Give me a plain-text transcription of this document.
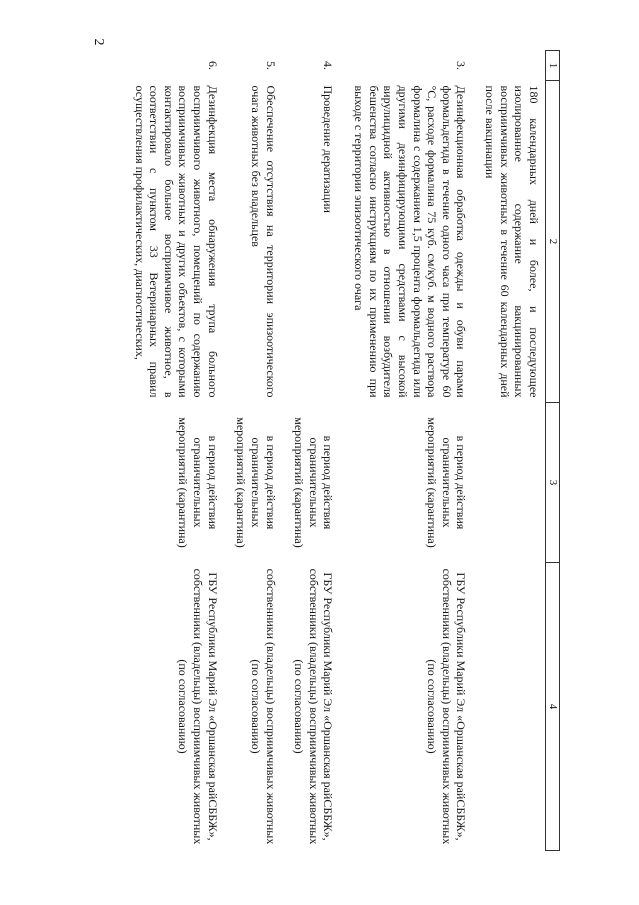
2
1	2	3	4
	180 календарных дней и более, и последующее изолированное содержание вакцинированных восприимчивых животных в течение 60 календарных дней после вакцинации		
3.	Дезинфекционная обработка одежды и обуви парами формальдегида в течение одного часа при температуре 60 °С, расходе формалина 75 куб. см/куб. м водного раствора формалина с содержанием 1,5 процента формальдегида или другими дезинфицирующими средствами с высокой вирулицидной активностью в отношении возбудителя бешенства согласно инструкциям по их применению при выходе с территории эпизоотического очага	в период действия ограничительных мероприятий (карантина)	ГБУ Республики Марий Эл «Оршанская райСББЖ», собственники (владельцы) восприимчивых животных (по согласованию)
4.	Проведение дератизации	в период действия ограничительных мероприятий (карантина)	ГБУ Республики Марий Эл «Оршанская райСББЖ», собственники (владельцы) восприимчивых животных (по согласованию)
5.	Обеспечение отсутствия на территории эпизоотического очага животных без владельцев	в период действия ограничительных мероприятий (карантина)	собственники (владельцы) восприимчивых животных (по согласованию)
6.	Дезинфекция места обнаружения трупа больного восприимчивого животного, помещений по содержанию восприимчивых животных и других объектов, с которыми контактировало больное восприимчивое животное, в соответствии с пунктом 33 Ветеринарных правил осуществления профилактических, диагностических,	в период действия ограничительных мероприятий (карантина)	ГБУ Республики Марий Эл «Оршанская райСББЖ», собственники (владельцы) восприимчивых животных (по согласованию)
